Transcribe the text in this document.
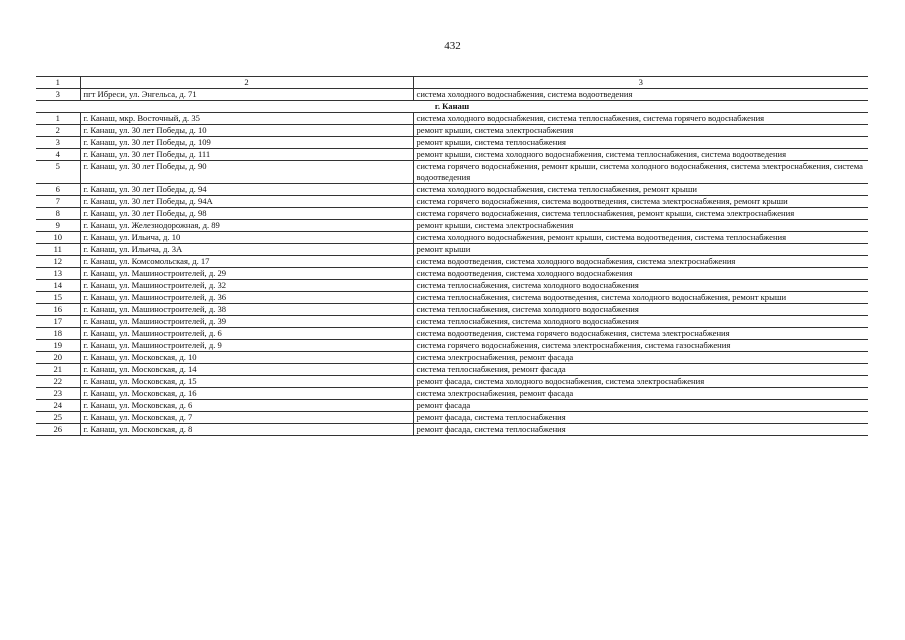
432
1	2	3
3	пгт Ибреси, ул. Энгельса, д. 71	система холодного водоснабжения, система водоотведения
г. Канаш		
1	г. Канаш, мкр. Восточный, д. 35	система холодного водоснабжения, система теплоснабжения, система горячего водоснабжения
2	г. Канаш, ул. 30 лет Победы, д. 10	ремонт крыши, система электроснабжения
3	г. Канаш, ул. 30 лет Победы, д. 109	ремонт крыши, система теплоснабжения
4	г. Канаш, ул. 30 лет Победы, д. 111	ремонт крыши, система холодного водоснабжения, система теплоснабжения, система водоотведения
5	г. Канаш, ул. 30 лет Победы, д. 90	система горячего водоснабжения, ремонт крыши, система холодного водоснабжения, система электроснабжения, система водоотведения
6	г. Канаш, ул. 30 лет Победы, д. 94	система холодного водоснабжения, система теплоснабжения, ремонт крыши
7	г. Канаш, ул. 30 лет Победы, д. 94А	система горячего водоснабжения, система водоотведения, система электроснабжения, ремонт крыши
8	г. Канаш, ул. 30 лет Победы, д. 98	система горячего водоснабжения, система теплоснабжения, ремонт крыши, система электроснабжения
9	г. Канаш, ул. Железнодорожная, д. 89	ремонт крыши, система электроснабжения
10	г. Канаш, ул. Ильича, д. 10	система холодного водоснабжения, ремонт крыши, система водоотведения, система теплоснабжения
11	г. Канаш, ул. Ильича, д. 3А	ремонт крыши
12	г. Канаш, ул. Комсомольская, д. 17	система водоотведения, система холодного водоснабжения, система электроснабжения
13	г. Канаш, ул. Машиностроителей, д. 29	система водоотведения, система холодного водоснабжения
14	г. Канаш, ул. Машиностроителей, д. 32	система теплоснабжения, система холодного водоснабжения
15	г. Канаш, ул. Машиностроителей, д. 36	система теплоснабжения, система водоотведения, система холодного водоснабжения, ремонт крыши
16	г. Канаш, ул. Машиностроителей, д. 38	система теплоснабжения, система холодного водоснабжения
17	г. Канаш, ул. Машиностроителей, д. 39	система теплоснабжения, система холодного водоснабжения
18	г. Канаш, ул. Машиностроителей, д. 6	система водоотведения, система горячего водоснабжения, система электроснабжения
19	г. Канаш, ул. Машиностроителей, д. 9	система горячего водоснабжения, система электроснабжения, система газоснабжения
20	г. Канаш, ул. Московская, д. 10	система электроснабжения, ремонт фасада
21	г. Канаш, ул. Московская, д. 14	система теплоснабжения, ремонт фасада
22	г. Канаш, ул. Московская, д. 15	ремонт фасада, система холодного водоснабжения, система электроснабжения
23	г. Канаш, ул. Московская, д. 16	система электроснабжения, ремонт фасада
24	г. Канаш, ул. Московская, д. 6	ремонт фасада
25	г. Канаш, ул. Московская, д. 7	ремонт фасада, система теплоснабжения
26	г. Канаш, ул. Московская, д. 8	ремонт фасада, система теплоснабжения
